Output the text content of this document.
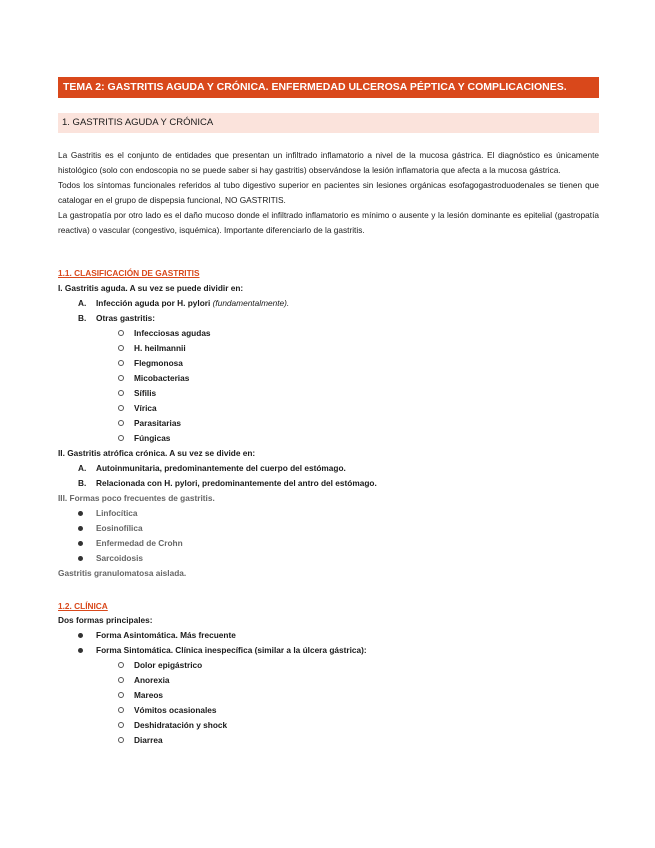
TEMA 2: GASTRITIS AGUDA Y CRÓNICA. ENFERMEDAD ULCEROSA PÉPTICA Y COMPLICACIONES.
1. GASTRITIS AGUDA Y CRÓNICA

La Gastritis es el conjunto de entidades que presentan un infiltrado inflamatorio a nivel de la mucosa gástrica. El diagnóstico es únicamente histológico (solo con endoscopia no se puede saber si hay gastritis) observándose la lesión inflamatoria que afecta a la mucosa gástrica.

Todos los síntomas funcionales referidos al tubo digestivo superior en pacientes sin lesiones orgánicas esofagogastroduodenales se tienen que catalogar en el grupo de dispepsia funcional, NO GASTRITIS.

La gastropatía por otro lado es el daño mucoso donde el infiltrado inflamatorio es mínimo o ausente y la lesión dominante es epitelial (gastropatía reactiva) o vascular (congestivo, isquémica). Importante diferenciarlo de la gastritis.

1.1. CLASIFICACIÓN DE GASTRITIS
I. Gastritis aguda. A su vez se puede dividir en:
A. Infección aguda por H. pylori (fundamentalmente).
B. Otras gastritis:
Infecciosas agudas
H. heilmannii
Flegmonosa
Micobacterias
Sífilis
Vírica
Parasitarias
Fúngicas
II. Gastritis atrófica crónica. A su vez se divide en:
A. Autoinmunitaria, predominantemente del cuerpo del estómago.
B. Relacionada con H. pylori, predominantemente del antro del estómago.
III. Formas poco frecuentes de gastritis.
Linfocítica
Eosinofílica
Enfermedad de Crohn
Sarcoidosis
Gastritis granulomatosa aislada.
1.2. CLÍNICA
Dos formas principales:
Forma Asintomática. Más frecuente
Forma Sintomática. Clínica inespecífica (similar a la úlcera gástrica):
Dolor epigástrico
Anorexia
Mareos
Vómitos ocasionales
Deshidratación y shock
Diarrea
